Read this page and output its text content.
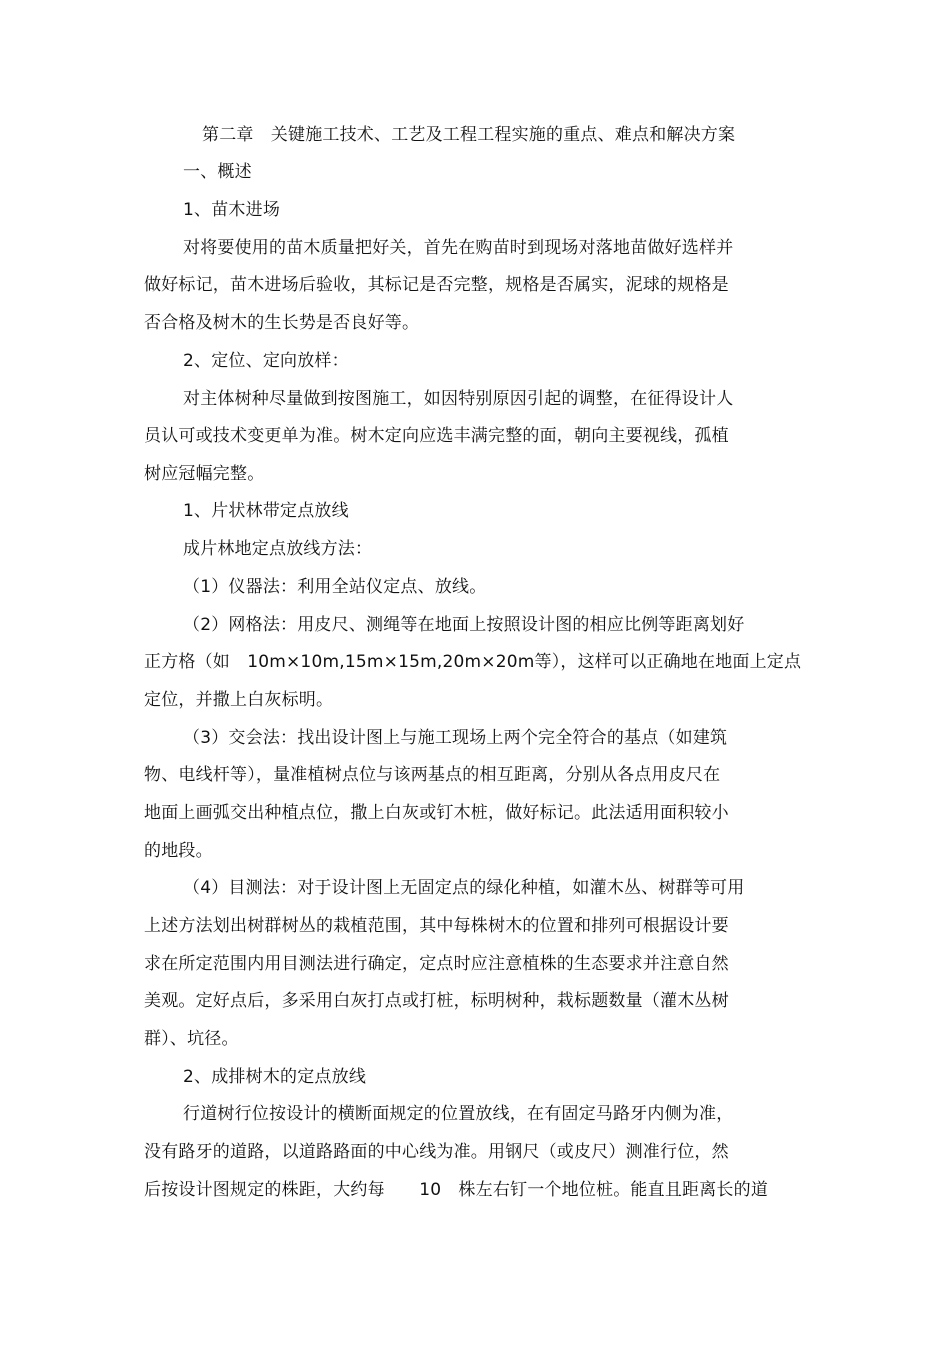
第二章　关键施工技术、工艺及工程工程实施的重点、难点和解决方案
一、概述
1、苗木进场
对将要使用的苗木质量把好关，首先在购苗时到现场对落地苗做好选样并
做好标记，苗木进场后验收，其标记是否完整，规格是否属实，泥球的规格是
否合格及树木的生长势是否良好等。
2、定位、定向放样：
对主体树种尽量做到按图施工，如因特别原因引起的调整，在征得设计人
员认可或技术变更单为准。树木定向应选丰满完整的面，朝向主要视线，孤植
树应冠幅完整。
1、片状林带定点放线
成片林地定点放线方法：
（1）仪器法：利用全站仪定点、放线。
（2）网格法：用皮尺、测绳等在地面上按照设计图的相应比例等距离划好
正方格（如　10m×10m,15m×15m,20m×20m等），这样可以正确地在地面上定点
定位，并撒上白灰标明。
（3）交会法：找出设计图上与施工现场上两个完全符合的基点（如建筑
物、电线杆等），量准植树点位与该两基点的相互距离，分别从各点用皮尺在
地面上画弧交出种植点位，撒上白灰或钉木桩，做好标记。此法适用面积较小
的地段。
（4）目测法：对于设计图上无固定点的绿化种植，如灌木丛、树群等可用
上述方法划出树群树丛的栽植范围，其中每株树木的位置和排列可根据设计要
求在所定范围内用目测法进行确定，定点时应注意植株的生态要求并注意自然
美观。定好点后，多采用白灰打点或打桩，标明树种，栽标题数量（灌木丛树
群）、坑径。
2、成排树木的定点放线
行道树行位按设计的横断面规定的位置放线，在有固定马路牙内侧为准，
没有路牙的道路，以道路路面的中心线为准。用钢尺（或皮尺）测准行位，然
后按设计图规定的株距，大约每　　10　株左右钉一个地位桩。能直且距离长的道
